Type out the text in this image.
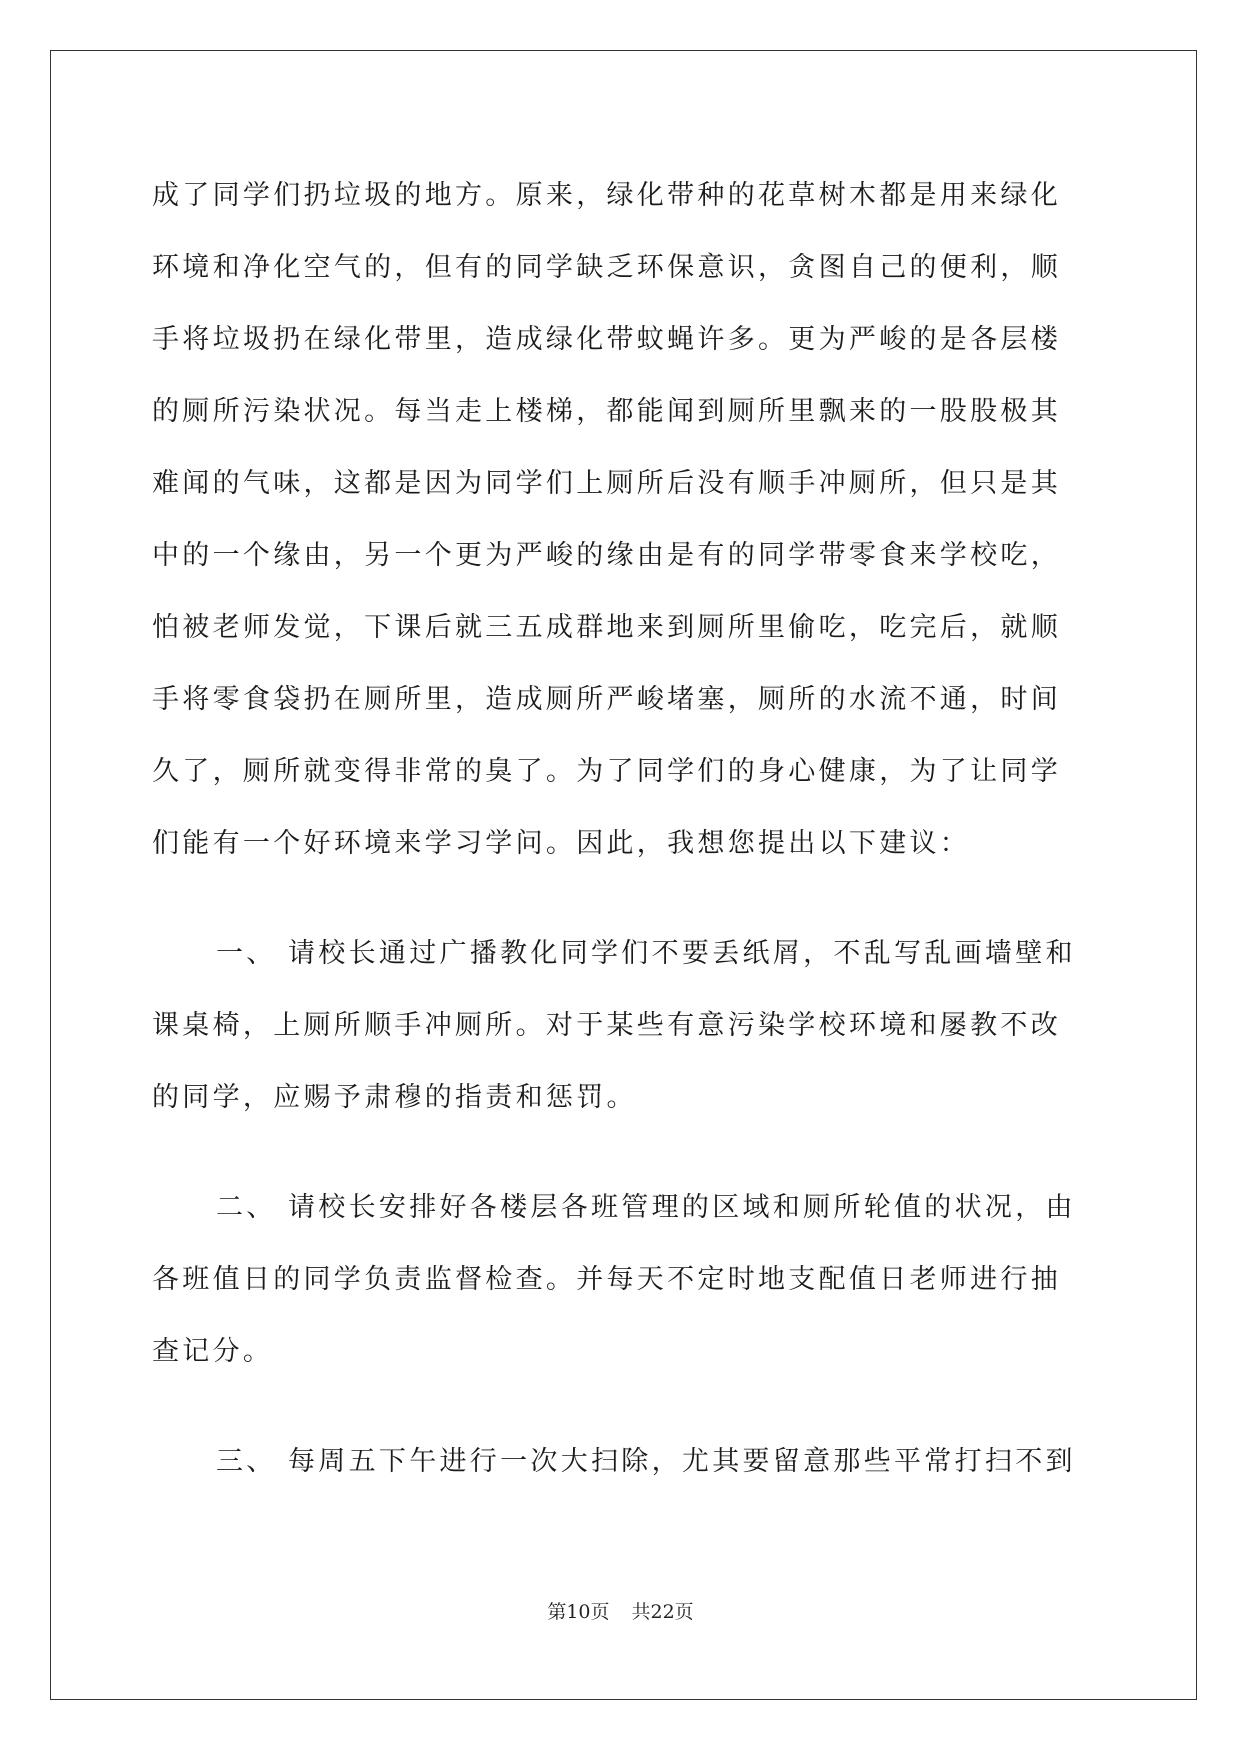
成了同学们扔垃圾的地方。原来，绿化带种的花草树木都是用来绿化
环境和净化空气的，但有的同学缺乏环保意识，贪图自己的便利，顺
手将垃圾扔在绿化带里，造成绿化带蚊蝇许多。更为严峻的是各层楼
的厕所污染状况。每当走上楼梯，都能闻到厕所里飘来的一股股极其
难闻的气味，这都是因为同学们上厕所后没有顺手冲厕所，但只是其
中的一个缘由，另一个更为严峻的缘由是有的同学带零食来学校吃，
怕被老师发觉，下课后就三五成群地来到厕所里偷吃，吃完后，就顺
手将零食袋扔在厕所里，造成厕所严峻堵塞，厕所的水流不通，时间
久了，厕所就变得非常的臭了。为了同学们的身心健康，为了让同学
们能有一个好环境来学习学问。因此，我想您提出以下建议：
一、 请校长通过广播教化同学们不要丢纸屑，不乱写乱画墙壁和
课桌椅，上厕所顺手冲厕所。对于某些有意污染学校环境和屡教不改
的同学，应赐予肃穆的指责和惩罚。
二、 请校长安排好各楼层各班管理的区域和厕所轮值的状况，由
各班值日的同学负责监督检查。并每天不定时地支配值日老师进行抽
查记分。
三、 每周五下午进行一次大扫除，尤其要留意那些平常打扫不到
第10页 共22页
